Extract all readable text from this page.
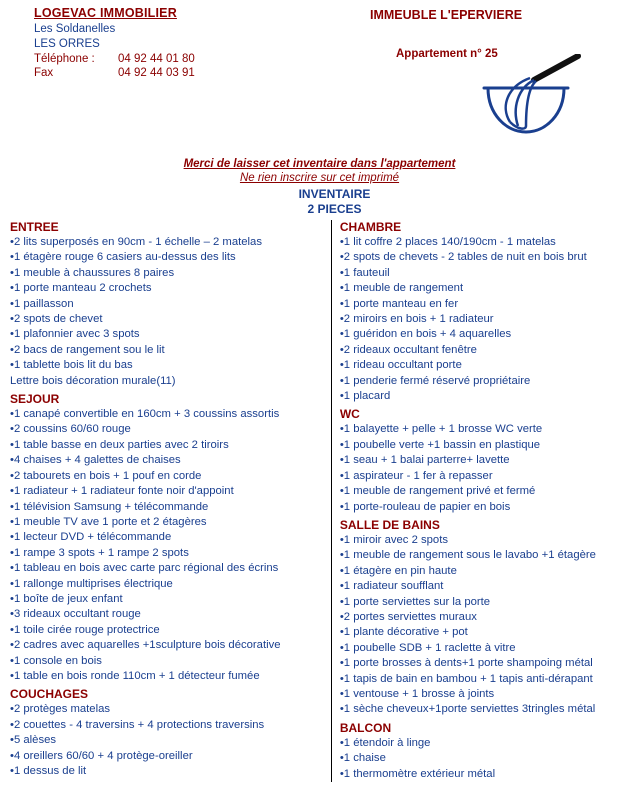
LOGEVAC IMMOBILIER
Les Soldanelles
LES ORRES
Téléphone :	04 92 44 01 80
Fax	04 92 44 03 91
IMMEUBLE L'EPERVIERE
Appartement n° 25
Merci de laisser cet inventaire dans l'appartement
Ne rien inscrire sur cet imprimé
INVENTAIRE
2 PIECES
ENTREE
•2 lits superposés en 90cm - 1 échelle – 2 matelas
•1 étagère rouge 6 casiers au-dessus des lits
•1 meuble à chaussures 8 paires
•1 porte manteau 2 crochets
•1 paillasson
•2 spots de chevet
•1 plafonnier avec 3 spots
•2 bacs de rangement sou le lit
•1 tablette bois lit du bas
Lettre bois décoration murale(11)
SEJOUR
•1 canapé convertible en 160cm + 3 coussins assortis
•2 coussins 60/60 rouge
•1 table basse en deux parties avec 2 tiroirs
•4 chaises + 4 galettes de chaises
•2 tabourets en bois + 1 pouf en corde
•1 radiateur + 1 radiateur fonte noir d'appoint
•1 télévision Samsung + télécommande
•1 meuble TV ave 1 porte et 2 étagères
•1 lecteur DVD + télécommande
•1 rampe 3 spots + 1 rampe 2 spots
•1 tableau en bois avec carte parc régional des écrins
•1 rallonge multiprises électrique
•1 boîte de jeux enfant
•3 rideaux occultant rouge
•1 toile cirée rouge protectrice
•2 cadres avec aquarelles +1sculpture bois décorative
•1 console en bois
•1 table en bois ronde 110cm + 1 détecteur fumée
COUCHAGES
•2 protèges matelas
•2 couettes - 4 traversins + 4 protections traversins
•5 alèses
•4 oreillers 60/60 + 4 protège-oreiller
•1 dessus de lit
CHAMBRE
•1 lit coffre 2 places 140/190cm - 1 matelas
•2 spots de chevets - 2 tables de nuit en bois brut
•1 fauteuil
•1 meuble de rangement
•1 porte manteau en fer
•2 miroirs en bois + 1 radiateur
•1 guéridon en bois + 4 aquarelles
•2 rideaux occultant fenêtre
•1 rideau occultant porte
•1 penderie fermé réservé propriétaire
•1 placard
WC
•1 balayette + pelle + 1 brosse WC verte
•1 poubelle verte +1 bassin en plastique
•1 seau + 1 balai parterre+ lavette
•1 aspirateur - 1 fer à repasser
•1 meuble de rangement privé et fermé
•1 porte-rouleau de papier en bois
SALLE DE BAINS
•1 miroir avec 2 spots
•1 meuble de rangement sous le lavabo +1 étagère
•1 étagère en pin haute
•1 radiateur soufflant
•1 porte serviettes sur la porte
•2 portes serviettes muraux
•1 plante décorative + pot
•1 poubelle SDB + 1 raclette à vitre
•1 porte brosses à dents+1 porte shampoing métal
•1 tapis de bain en bambou + 1 tapis anti-dérapant
•1 ventouse + 1 brosse à joints
•1 sèche cheveux+1porte serviettes 3tringles métal
BALCON
•1 étendoir à linge
•1 chaise
•1 thermomètre extérieur métal
